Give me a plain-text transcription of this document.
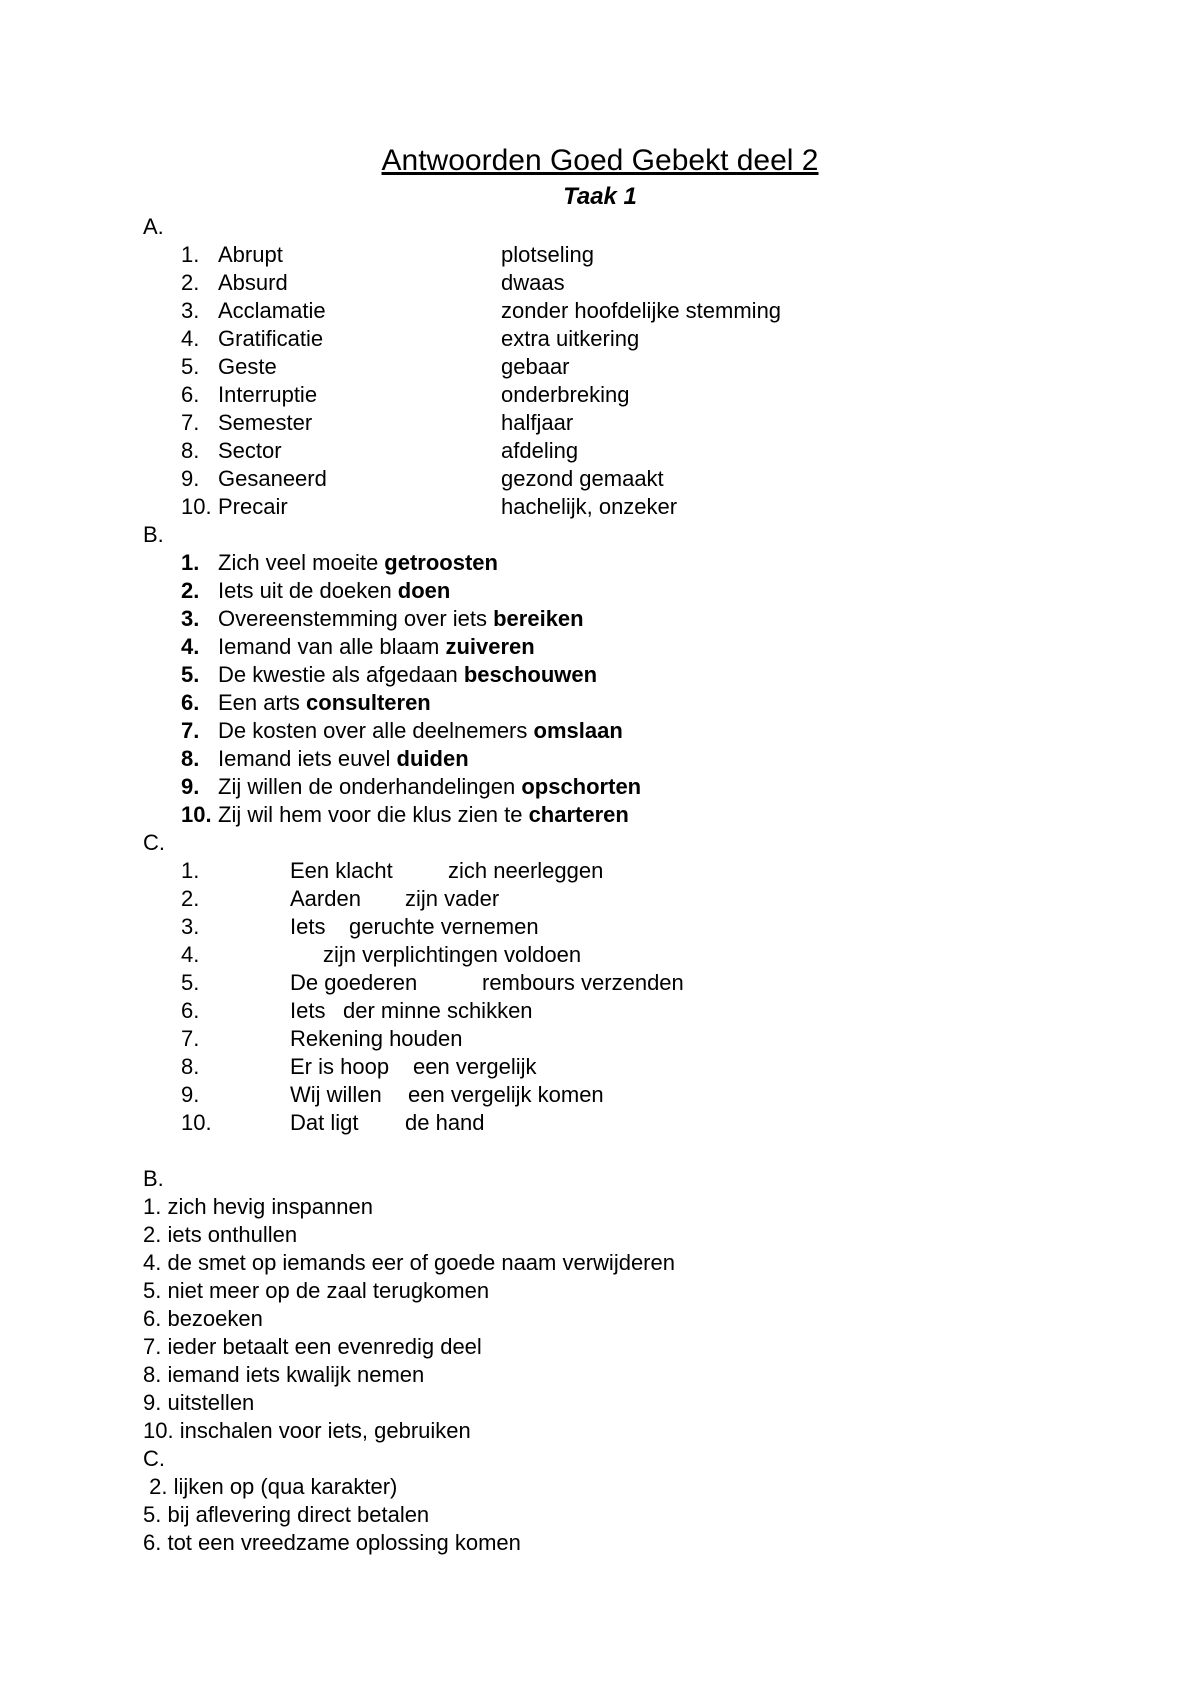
Antwoorden Goed Gebekt deel 2
Taak 1
A.
1. Abrupt	plotseling
2. Absurd	dwaas
3. Acclamatie	zonder hoofdelijke stemming
4. Gratificatie	extra uitkering
5. Geste	gebaar
6. Interruptie	onderbreking
7. Semester	halfjaar
8. Sector	afdeling
9. Gesaneerd	gezond gemaakt
10. Precair	hachelijk, onzeker
B.
1. Zich veel moeite getroosten
2. Iets uit de doeken doen
3. Overeenstemming over iets bereiken
4. Iemand van alle blaam zuiveren
5. De kwestie als afgedaan beschouwen
6. Een arts consulteren
7. De kosten over alle deelnemers omslaan
8. Iemand iets euvel duiden
9. Zij willen de onderhandelingen opschorten
10. Zij wil hem voor die klus zien te charteren
C.
1.	Een klacht	zich neerleggen
2.	Aarden zijn vader
3.	Iets geruchte vernemen
4.	zijn verplichtingen voldoen
5.	De goederen	rembours verzenden
6.	Iets der minne schikken
7.	Rekening houden
8.	Er is hoop een vergelijk
9.	Wij willen een vergelijk komen
10.	Dat ligt de hand
B.
1. zich hevig inspannen
2. iets onthullen
4. de smet op iemands eer of goede naam verwijderen
5. niet meer op de zaal terugkomen
6. bezoeken
7. ieder betaalt een evenredig deel
8. iemand iets kwalijk nemen
9. uitstellen
10. inschalen voor iets, gebruiken
C.
2. lijken op (qua karakter)
5. bij aflevering direct betalen
6. tot een vreedzame oplossing komen
